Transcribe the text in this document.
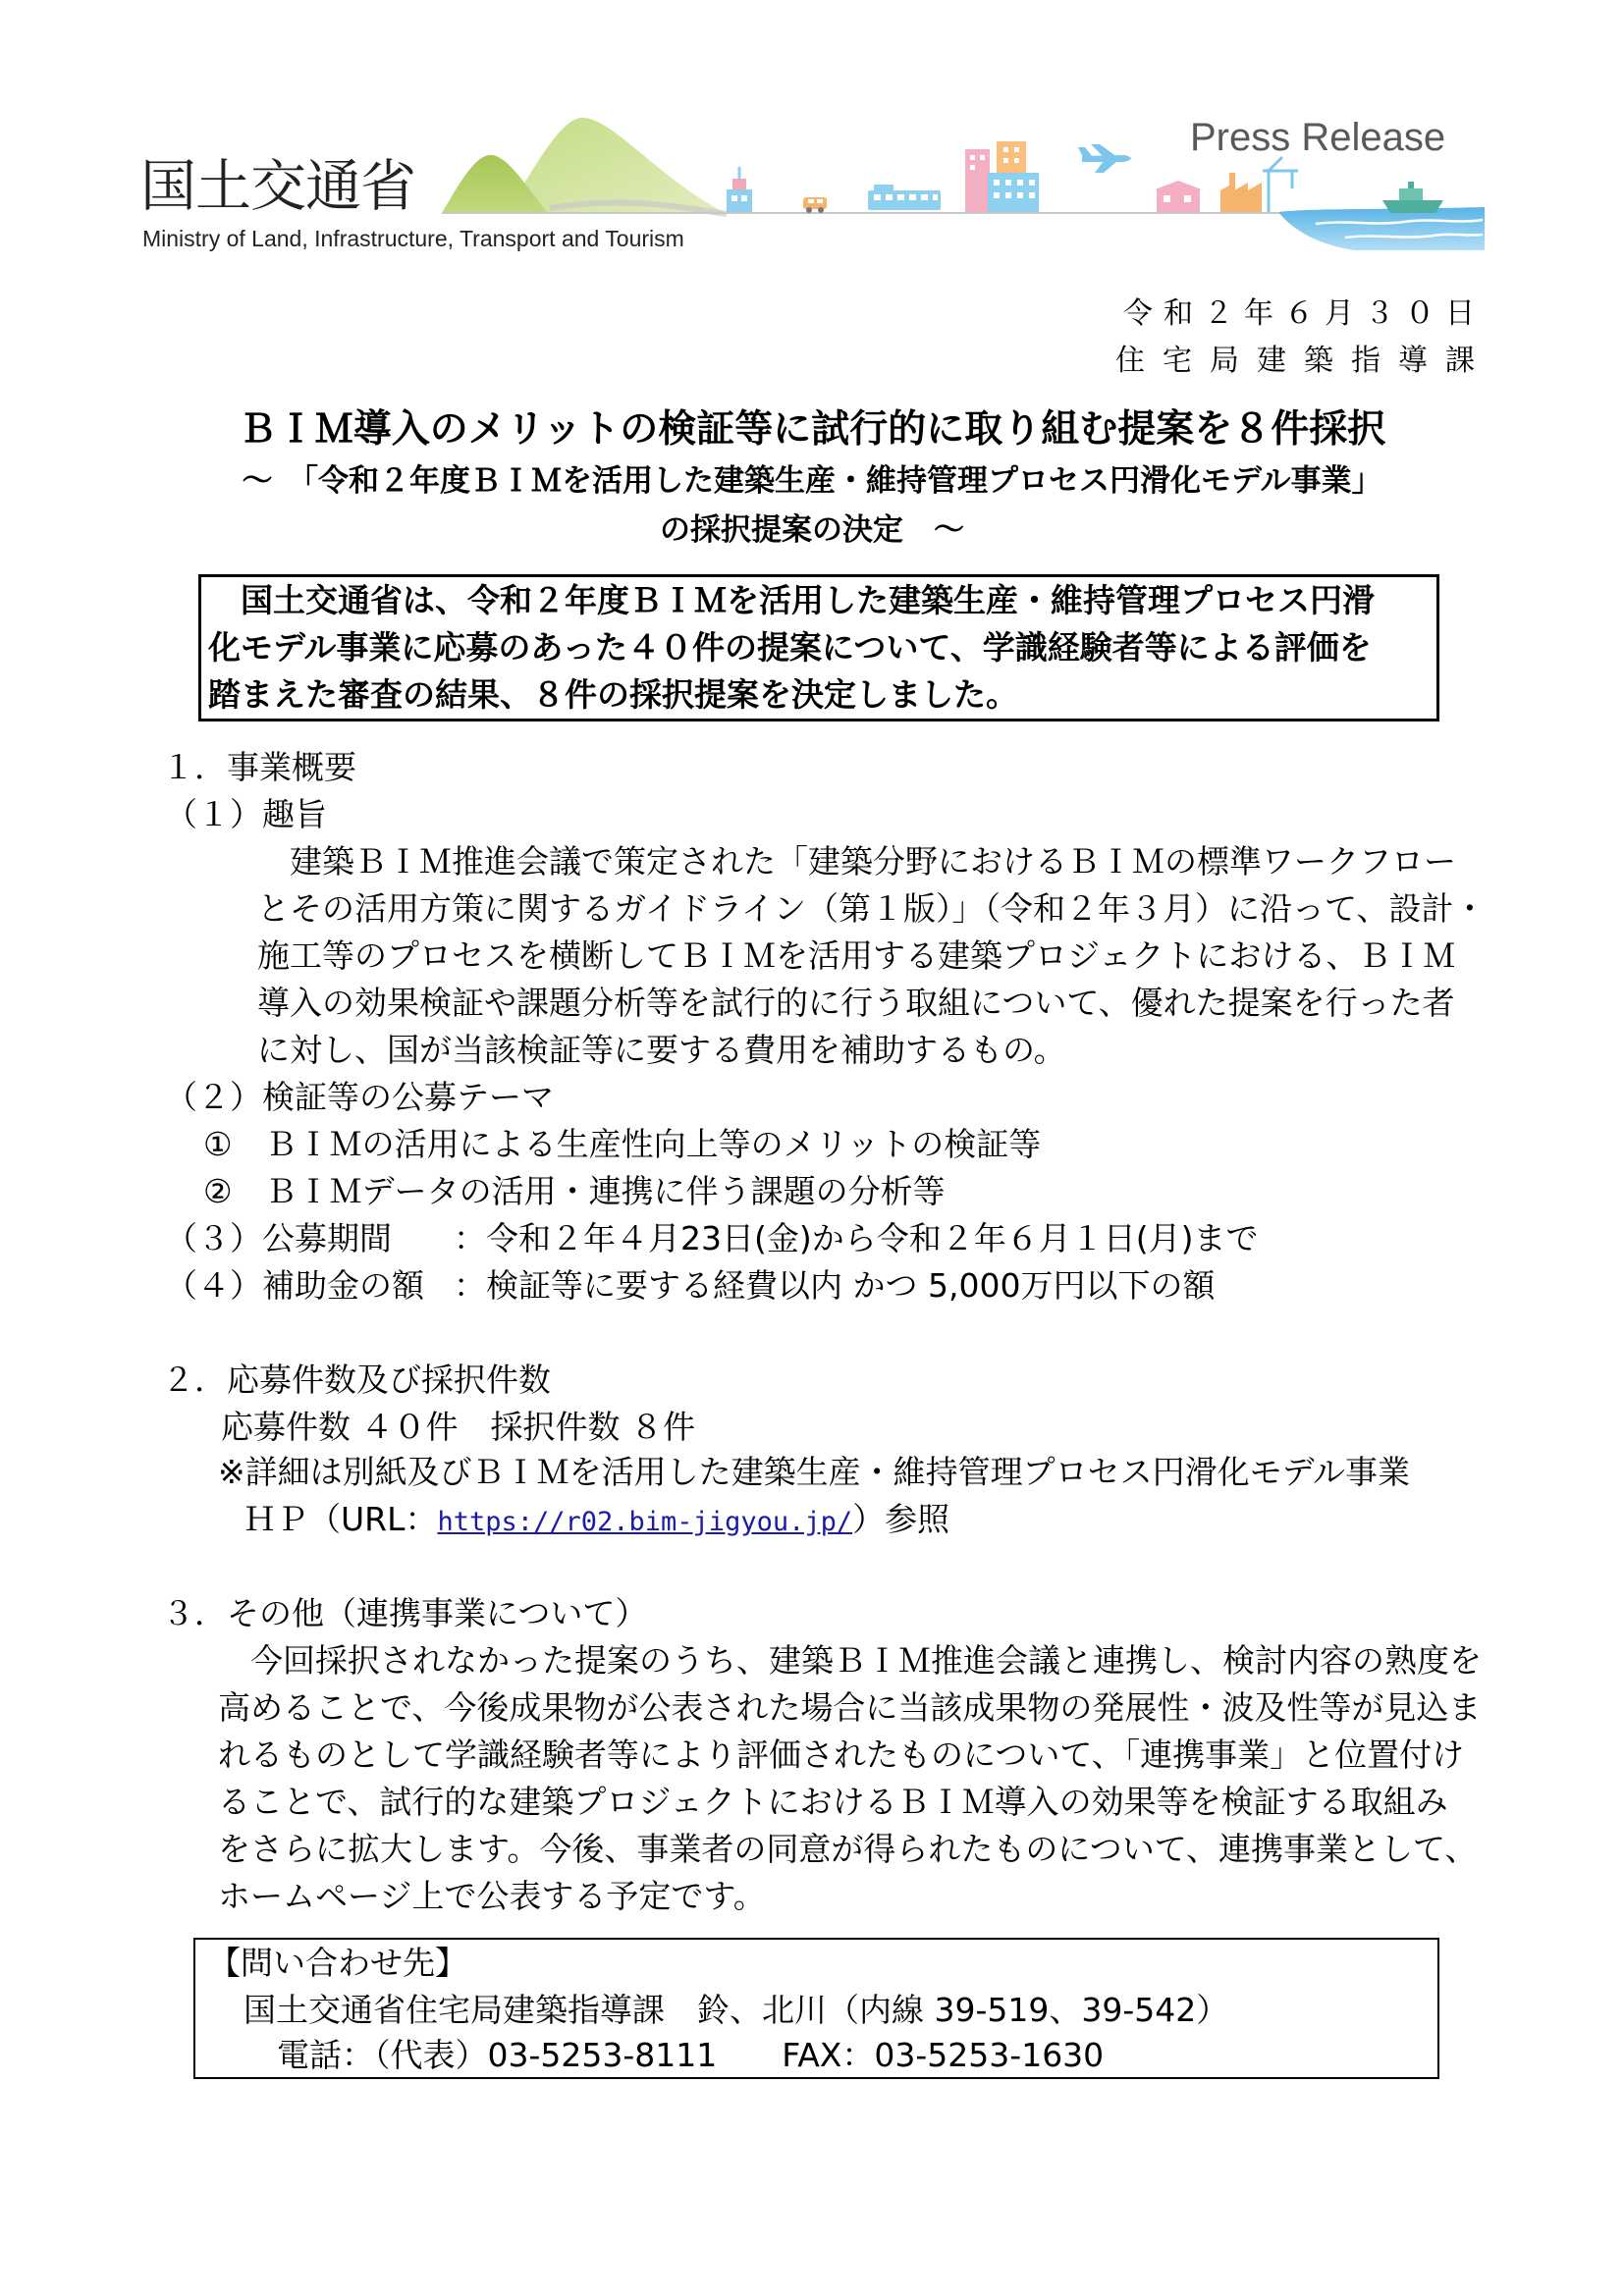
国土交通省
Ministry of Land, Infrastructure, Transport and Tourism
Press Release
令和２年６月３０日
住宅局建築指導課
ＢＩＭ導入のメリットの検証等に試行的に取り組む提案を８件採択
～　「令和２年度ＢＩＭを活用した建築生産・維持管理プロセス円滑化モデル事業」
の採択提案の決定　～
　国土交通省は、令和２年度ＢＩＭを活用した建築生産・維持管理プロセス円滑
化モデル事業に応募のあった４０件の提案について、学識経験者等による評価を
踏まえた審査の結果、８件の採択提案を決定しました。
１．事業概要
（１）趣旨
　建築ＢＩＭ推進会議で策定された「建築分野におけるＢＩＭの標準ワークフロー
とその活用方策に関するガイドライン（第１版）」（令和２年３月）に沿って、設計・
施工等のプロセスを横断してＢＩＭを活用する建築プロジェクトにおける、ＢＩＭ
導入の効果検証や課題分析等を試行的に行う取組について、優れた提案を行った者
に対し、国が当該検証等に要する費用を補助するもの。
（２）検証等の公募テーマ
①　ＢＩＭの活用による生産性向上等のメリットの検証等
②　ＢＩＭデータの活用・連携に伴う課題の分析等
（３）公募期間 ：令和２年４月23日(金)から令和２年６月１日(月)まで
（４）補助金の額 ：検証等に要する経費以内 かつ 5,000万円以下の額
２．応募件数及び採択件数
応募件数 ４０件　採択件数 ８件
※詳細は別紙及びＢＩＭを活用した建築生産・維持管理プロセス円滑化モデル事業
ＨＰ（URL：https://r02.bim-jigyou.jp/）参照
３．その他（連携事業について）
　今回採択されなかった提案のうち、建築ＢＩＭ推進会議と連携し、検討内容の熟度を
高めることで、今後成果物が公表された場合に当該成果物の発展性・波及性等が見込ま
れるものとして学識経験者等により評価されたものについて、「連携事業」と位置付け
ることで、試行的な建築プロジェクトにおけるＢＩＭ導入の効果等を検証する取組み
をさらに拡大します。今後、事業者の同意が得られたものについて、連携事業として、
ホームページ上で公表する予定です。
【問い合わせ先】
国土交通省住宅局建築指導課　鈴、北川（内線 39-519、39-542）
電話：（代表）03-5253-8111　　FAX：03-5253-1630
